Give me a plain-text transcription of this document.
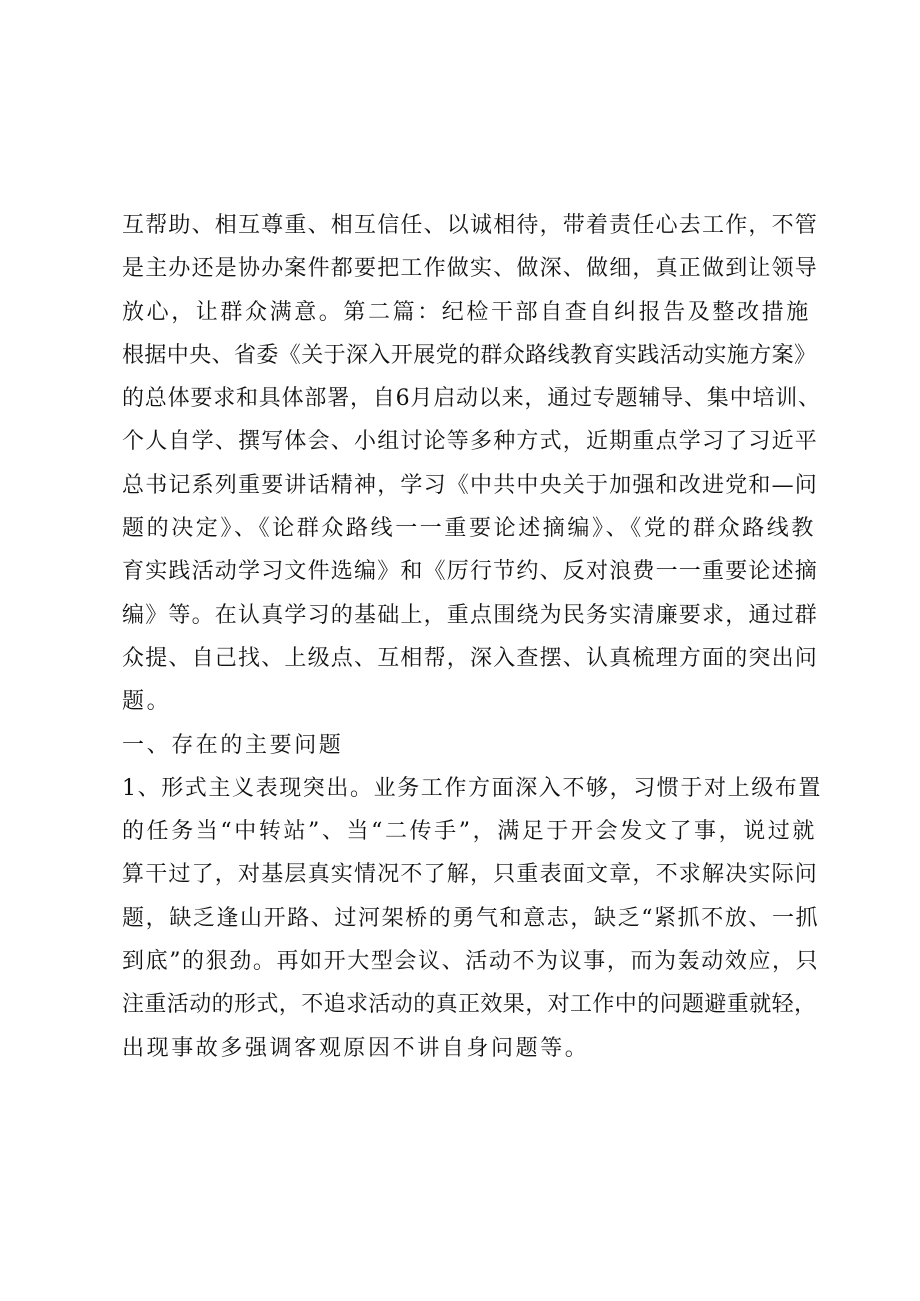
互帮助、相互尊重、相互信任、以诚相待，带着责任心去工作，不管
是主办还是协办案件都要把工作做实、做深、做细，真正做到让领导
放心，让群众满意。第二篇：纪检干部自查自纠报告及整改措施
根据中央、省委《关于深入开展党的群众路线教育实践活动实施方案》
的总体要求和具体部署，自6月启动以来，通过专题辅导、集中培训、
个人自学、撰写体会、小组讨论等多种方式，近期重点学习了习近平
总书记系列重要讲话精神，学习《中共中央关于加强和改进党和—问
题的决定》、《论群众路线一一重要论述摘编》、《党的群众路线教
育实践活动学习文件选编》和《厉行节约、反对浪费一一重要论述摘
编》等。在认真学习的基础上，重点围绕为民务实清廉要求，通过群
众提、自己找、上级点、互相帮，深入查摆、认真梳理方面的突出问
题。
一、存在的主要问题
1、形式主义表现突出。业务工作方面深入不够，习惯于对上级布置
的任务当“中转站”、当“二传手”，满足于开会发文了事，说过就
算干过了，对基层真实情况不了解，只重表面文章，不求解决实际问
题，缺乏逢山开路、过河架桥的勇气和意志，缺乏“紧抓不放、一抓
到底”的狠劲。再如开大型会议、活动不为议事，而为轰动效应，只
注重活动的形式，不追求活动的真正效果，对工作中的问题避重就轻，
出现事故多强调客观原因不讲自身问题等。
